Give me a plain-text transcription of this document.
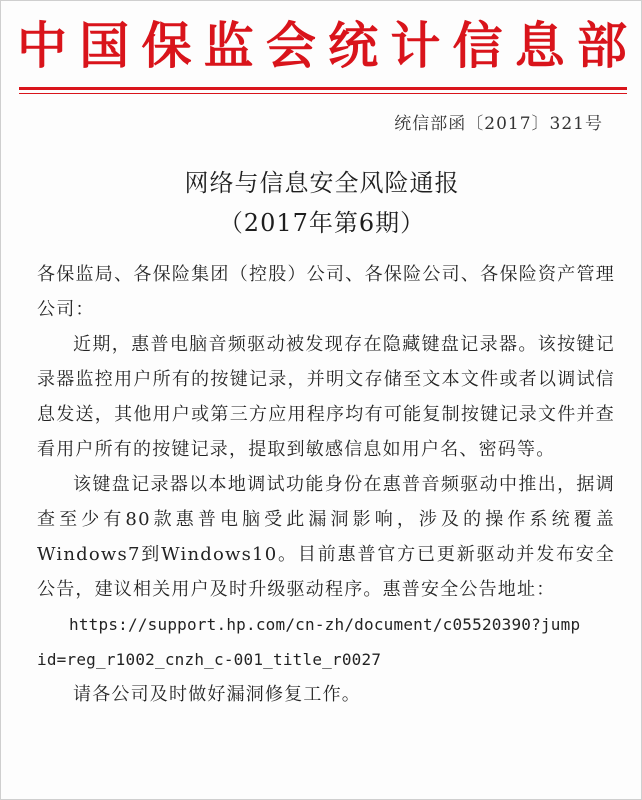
中 国 保 监 会 统 计 信 息 部
统信部函〔2017〕321号
网络与信息安全风险通报
（2017年第6期）

各保监局、各保险集团（控股）公司、各保险公司、各保险资产管理公司：

近期，惠普电脑音频驱动被发现存在隐藏键盘记录器。该按键记录器监控用户所有的按键记录，并明文存储至文本文件或者以调试信息发送，其他用户或第三方应用程序均有可能复制按键记录文件并查看用户所有的按键记录，提取到敏感信息如用户名、密码等。

该键盘记录器以本地调试功能身份在惠普音频驱动中推出，据调查至少有80款惠普电脑受此漏洞影响，涉及的操作系统覆盖Windows7到Windows10。目前惠普官方已更新驱动并发布安全公告，建议相关用户及时升级驱动程序。惠普安全公告地址：

https://support.hp.com/cn-zh/document/c05520390?jump
id=reg_r1002_cnzh_c-001_title_r0027

请各公司及时做好漏洞修复工作。
